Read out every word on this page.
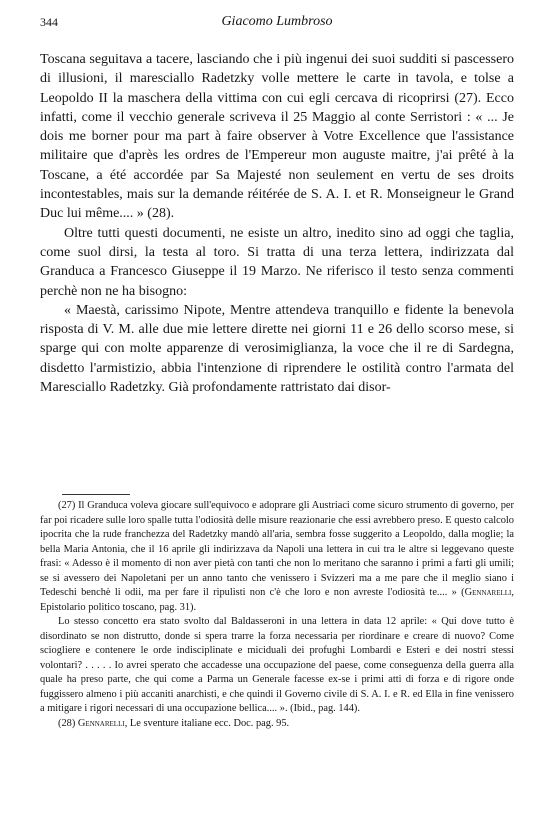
344	Giacomo Lumbroso

Toscana seguitava a tacere, lasciando che i più ingenui dei suoi sudditi si pascessero di illusioni, il maresciallo Radetzky volle mettere le carte in tavola, e tolse a Leopoldo II la maschera della vittima con cui egli cercava di ricoprirsi (27). Ecco infatti, come il vecchio generale scriveva il 25 Maggio al conte Serristori : « ... Je dois me borner pour ma part à faire observer à Votre Excellence que l'assistance militaire que d'après les ordres de l'Empereur mon auguste maitre, j'ai prêté à la Toscane, a été accordée par Sa Majesté non seulement en vertu de ses droits incontestables, mais sur la demande réitérée de S. A. I. et R. Monseigneur le Grand Duc lui même.... » (28).

Oltre tutti questi documenti, ne esiste un altro, inedito sino ad oggi che taglia, come suol dirsi, la testa al toro. Si tratta di una terza lettera, indirizzata dal Granduca a Francesco Giuseppe il 19 Marzo. Ne riferisco il testo senza commenti perchè non ne ha bisogno:

« Maestà, carissimo Nipote, Mentre attendeva tranquillo e fidente la benevola risposta di V. M. alle due mie lettere dirette nei giorni 11 e 26 dello scorso mese, si sparge qui con molte apparenze di verosimiglianza, la voce che il re di Sardegna, disdetto l'armistizio, abbia l'intenzione di riprendere le ostilità contro l'armata del Maresciallo Radetzky. Già profondamente rattristato dai disor-

(27) Il Granduca voleva giocare sull'equivoco e adoprare gli Austriaci come sicuro strumento di governo, per far poi ricadere sulle loro spalle tutta l'odiosità delle misure reazionarie che essi avrebbero preso. E questo calcolo ipocrita che la rude franchezza del Radetzky mandò all'aria, sembra fosse suggerito a Leopoldo, dalla moglie; la bella Maria Antonia, che il 16 aprile gli indirizzava da Napoli una lettera in cui tra le altre si leggevano queste frasi: « Adesso è il momento di non aver pietà con tanti che non lo meritano che saranno i primi a farti gli umili; se si avessero dei Napoletani per un anno tanto che venissero i Svizzeri ma a me pare che il meglio siano i Tedeschi benchè li odii, ma per fare il ripulisti non c'è che loro e non avreste l'odiosità te.... » (Gennarelli, Epistolario politico toscano, pag. 31).

Lo stesso concetto era stato svolto dal Baldasseroni in una lettera in data 12 aprile: « Qui dove tutto è disordinato se non distrutto, donde si spera trarre la forza necessaria per riordinare e creare di nuovo? Come sciogliere e contenere le orde indisciplinate e miciduali dei profughi Lombardi e Esteri e dei nostri stessi volontari? . . . . . Io avrei sperato che accadesse una occupazione del paese, come conseguenza della guerra alla quale ha preso parte, che qui come a Parma un Generale facesse ex-se i primi atti di forza e di rigore onde fuggissero almeno i più accaniti anarchisti, e che quindi il Governo civile di S. A. I. e R. ed Ella in fine venissero a mitigare i rigori necessari di una occupazione bellica.... ». (Ibid., pag. 144).

(28) Gennarelli, Le sventure italiane ecc. Doc. pag. 95.
